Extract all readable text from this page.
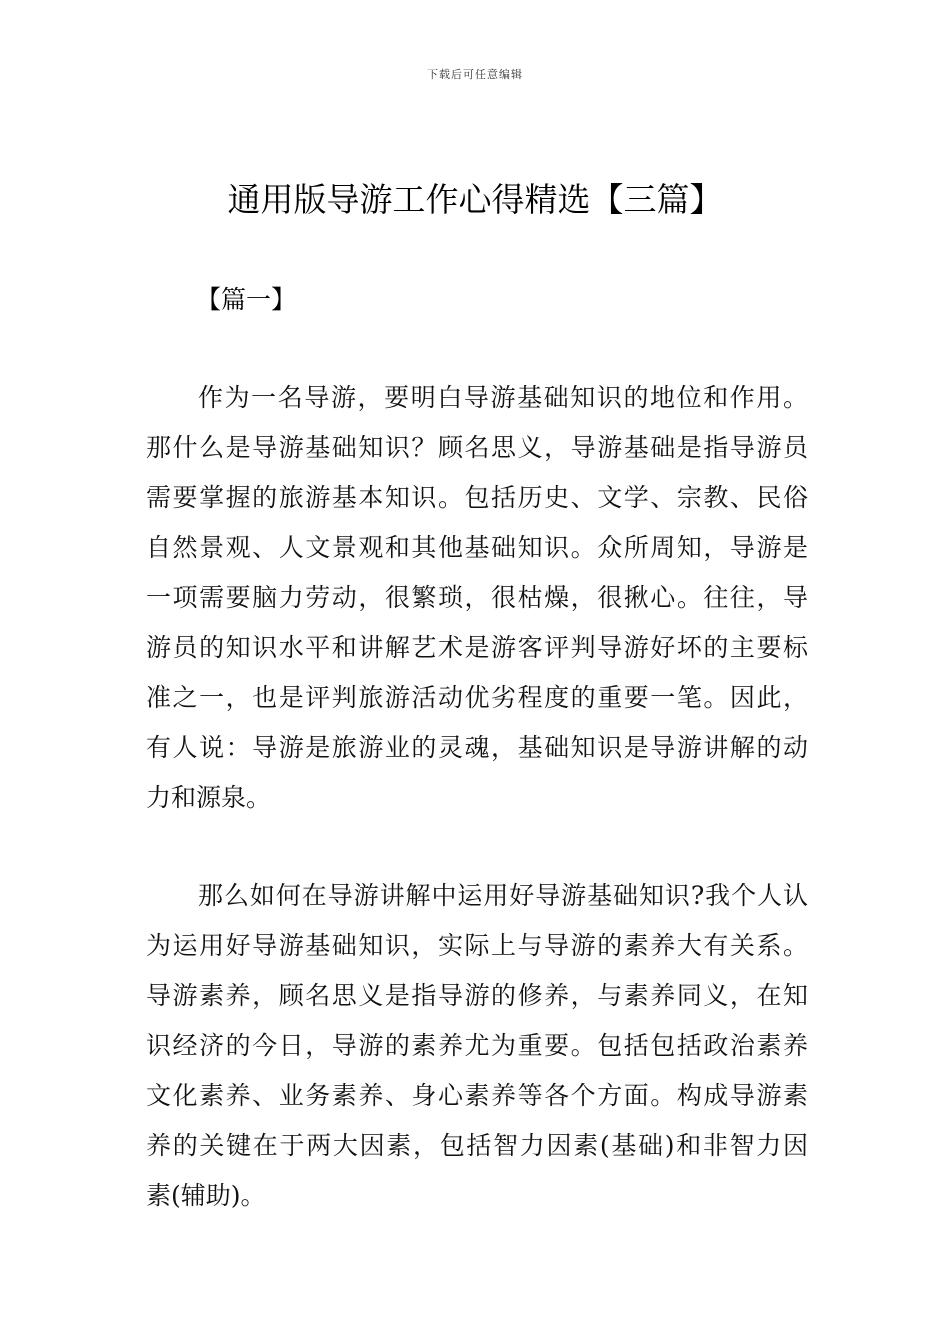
下载后可任意编辑
通用版导游工作心得精选【三篇】
【篇一】
作为一名导游，要明白导游基础知识的地位和作用。
那什么是导游基础知识？顾名思义，导游基础是指导游员
需要掌握的旅游基本知识。包括历史、文学、宗教、民俗
自然景观、人文景观和其他基础知识。众所周知，导游是
一项需要脑力劳动，很繁琐，很枯燥，很揪心。往往，导
游员的知识水平和讲解艺术是游客评判导游好坏的主要标
准之一，也是评判旅游活动优劣程度的重要一笔。因此，
有人说：导游是旅游业的灵魂，基础知识是导游讲解的动
力和源泉。
那么如何在导游讲解中运用好导游基础知识?我个人认
为运用好导游基础知识，实际上与导游的素养大有关系。
导游素养，顾名思义是指导游的修养，与素养同义，在知
识经济的今日，导游的素养尤为重要。包括包括政治素养
文化素养、业务素养、身心素养等各个方面。构成导游素
养的关键在于两大因素，包括智力因素(基础)和非智力因
素(辅助)。
